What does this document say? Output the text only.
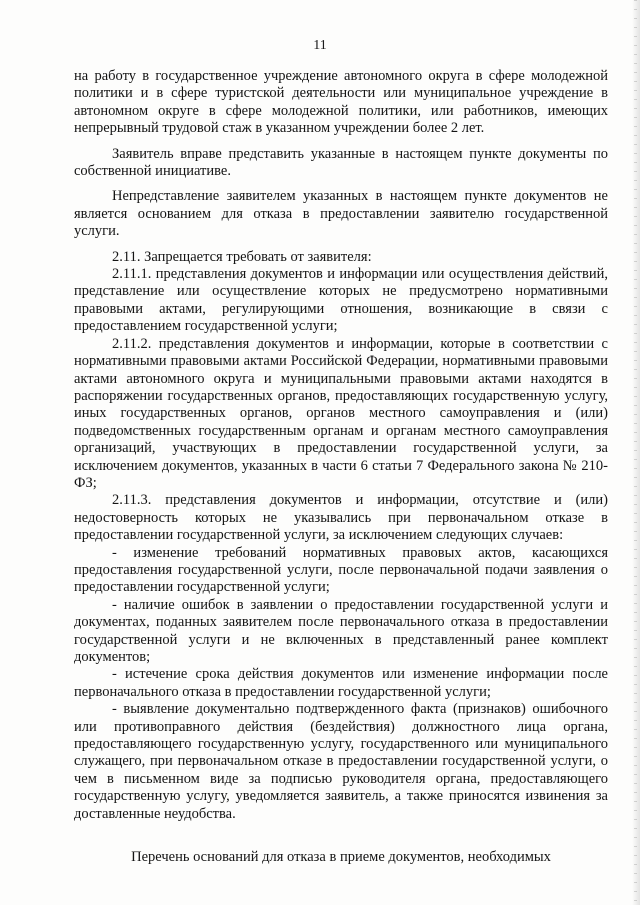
11

на работу в государственное учреждение автономного округа в сфере молодежной политики и в сфере туристской деятельности или муниципальное учреждение в автономном округе в сфере молодежной политики, или работников, имеющих непрерывный трудовой стаж в указанном учреждении более 2 лет.

Заявитель вправе представить указанные в настоящем пункте документы по собственной инициативе.

Непредставление заявителем указанных в настоящем пункте документов не является основанием для отказа в предоставлении заявителю государственной услуги.

2.11. Запрещается требовать от заявителя:

2.11.1. представления документов и информации или осуществления действий, представление или осуществление которых не предусмотрено нормативными правовыми актами, регулирующими отношения, возникающие в связи с предоставлением государственной услуги;

2.11.2. представления документов и информации, которые в соответствии с нормативными правовыми актами Российской Федерации, нормативными правовыми актами автономного округа и муниципальными правовыми актами находятся в распоряжении государственных органов, предоставляющих государственную услугу, иных государственных органов, органов местного самоуправления и (или) подведомственных государственным органам и органам местного самоуправления организаций, участвующих в предоставлении государственной услуги, за исключением документов, указанных в части 6 статьи 7 Федерального закона № 210-ФЗ;

2.11.3. представления документов и информации, отсутствие и (или) недостоверность которых не указывались при первоначальном отказе в предоставлении государственной услуги, за исключением следующих случаев:

- изменение требований нормативных правовых актов, касающихся предоставления государственной услуги, после первоначальной подачи заявления о предоставлении государственной услуги;

- наличие ошибок в заявлении о предоставлении государственной услуги и документах, поданных заявителем после первоначального отказа в предоставлении государственной услуги и не включенных в представленный ранее комплект документов;

- истечение срока действия документов или изменение информации после первоначального отказа в предоставлении государственной услуги;

- выявление документально подтвержденного факта (признаков) ошибочного или противоправного действия (бездействия) должностного лица органа, предоставляющего государственную услугу, государственного или муниципального служащего, при первоначальном отказе в предоставлении государственной услуги, о чем в письменном виде за подписью руководителя органа, предоставляющего государственную услугу, уведомляется заявитель, а также приносятся извинения за доставленные неудобства.

Перечень оснований для отказа в приеме документов, необходимых
